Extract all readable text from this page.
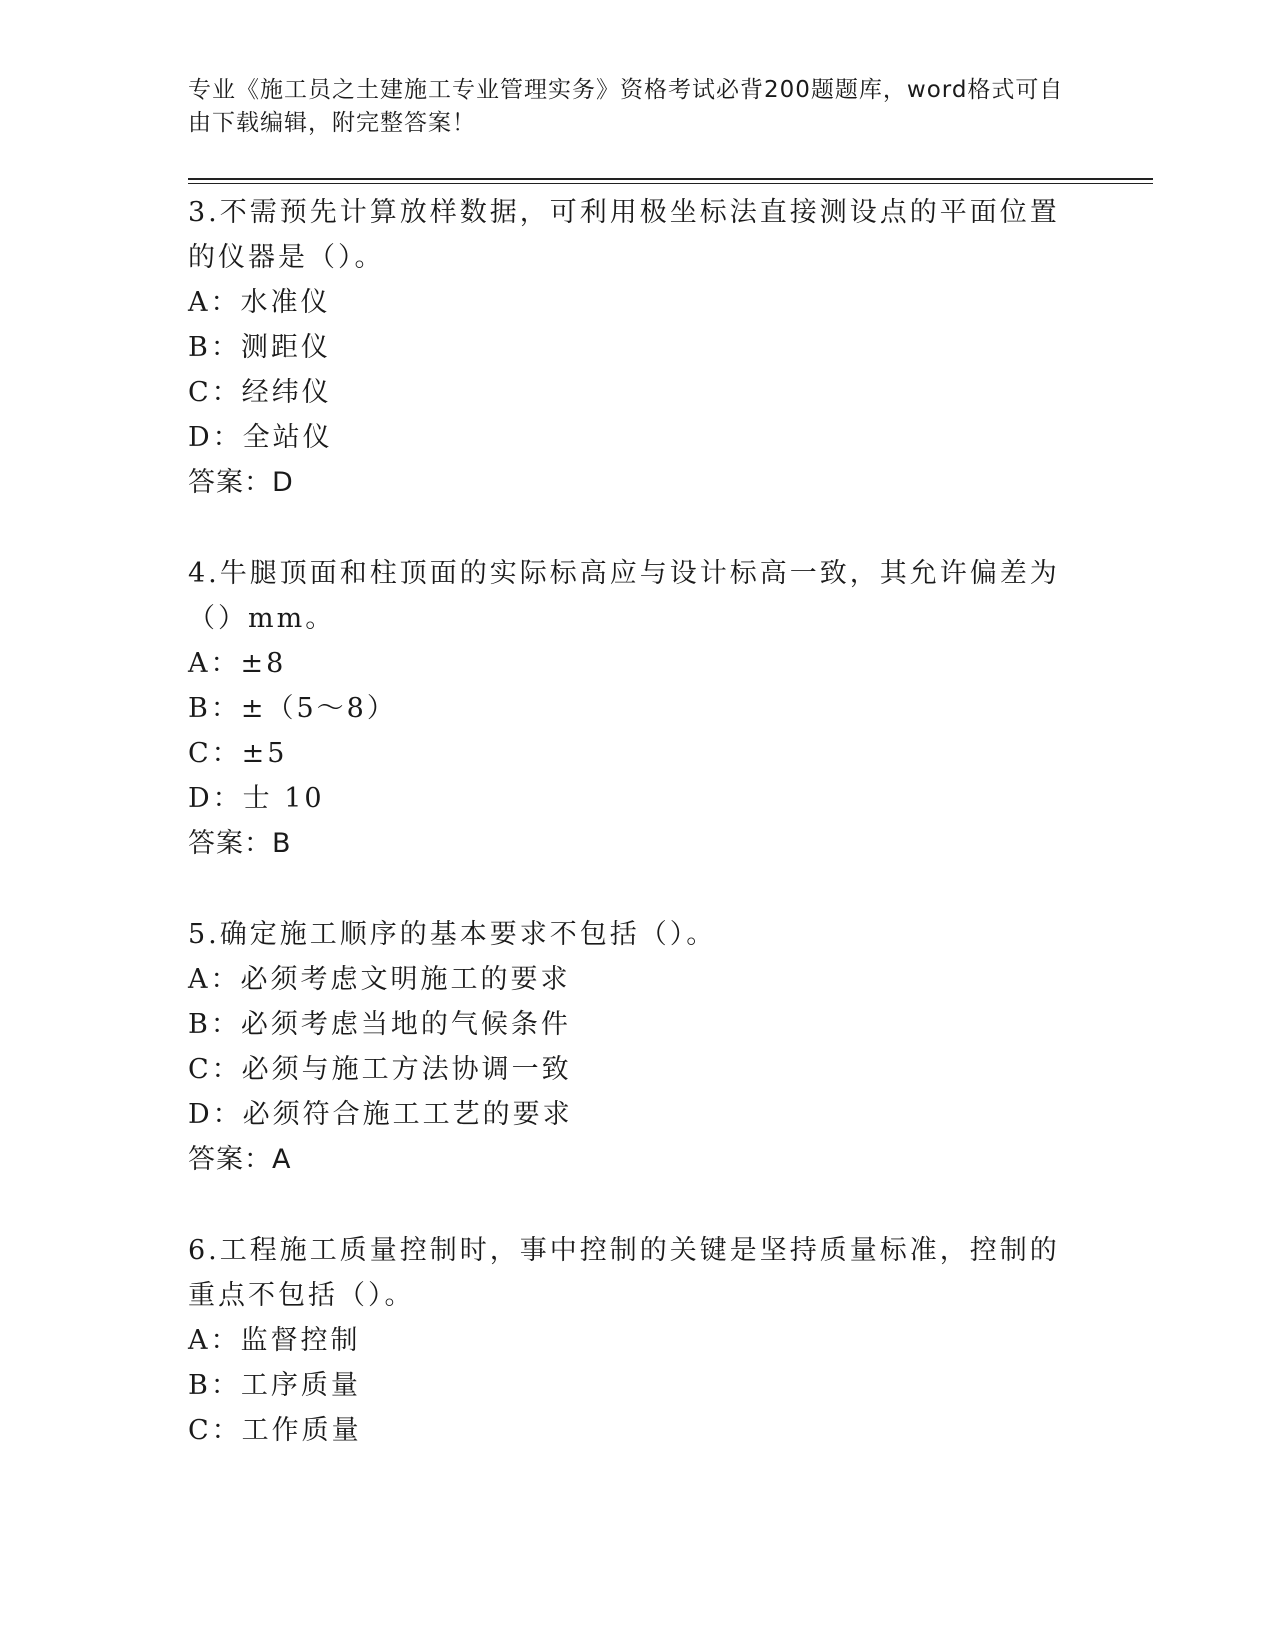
专业《施工员之土建施工专业管理实务》资格考试必背200题题库，word格式可自由下载编辑，附完整答案！
3.不需预先计算放样数据，可利用极坐标法直接测设点的平面位置的仪器是（）。
A：水准仪
B：测距仪
C：经纬仪
D：全站仪
答案：D
4.牛腿顶面和柱顶面的实际标高应与设计标高一致，其允许偏差为（）mm。
A：±8
B：±（5～8）
C：±5
D：士 10
答案：B
5.确定施工顺序的基本要求不包括（）。
A：必须考虑文明施工的要求
B：必须考虑当地的气候条件
C：必须与施工方法协调一致
D：必须符合施工工艺的要求
答案：A
6.工程施工质量控制时，事中控制的关键是坚持质量标准，控制的重点不包括（）。
A：监督控制
B：工序质量
C：工作质量
